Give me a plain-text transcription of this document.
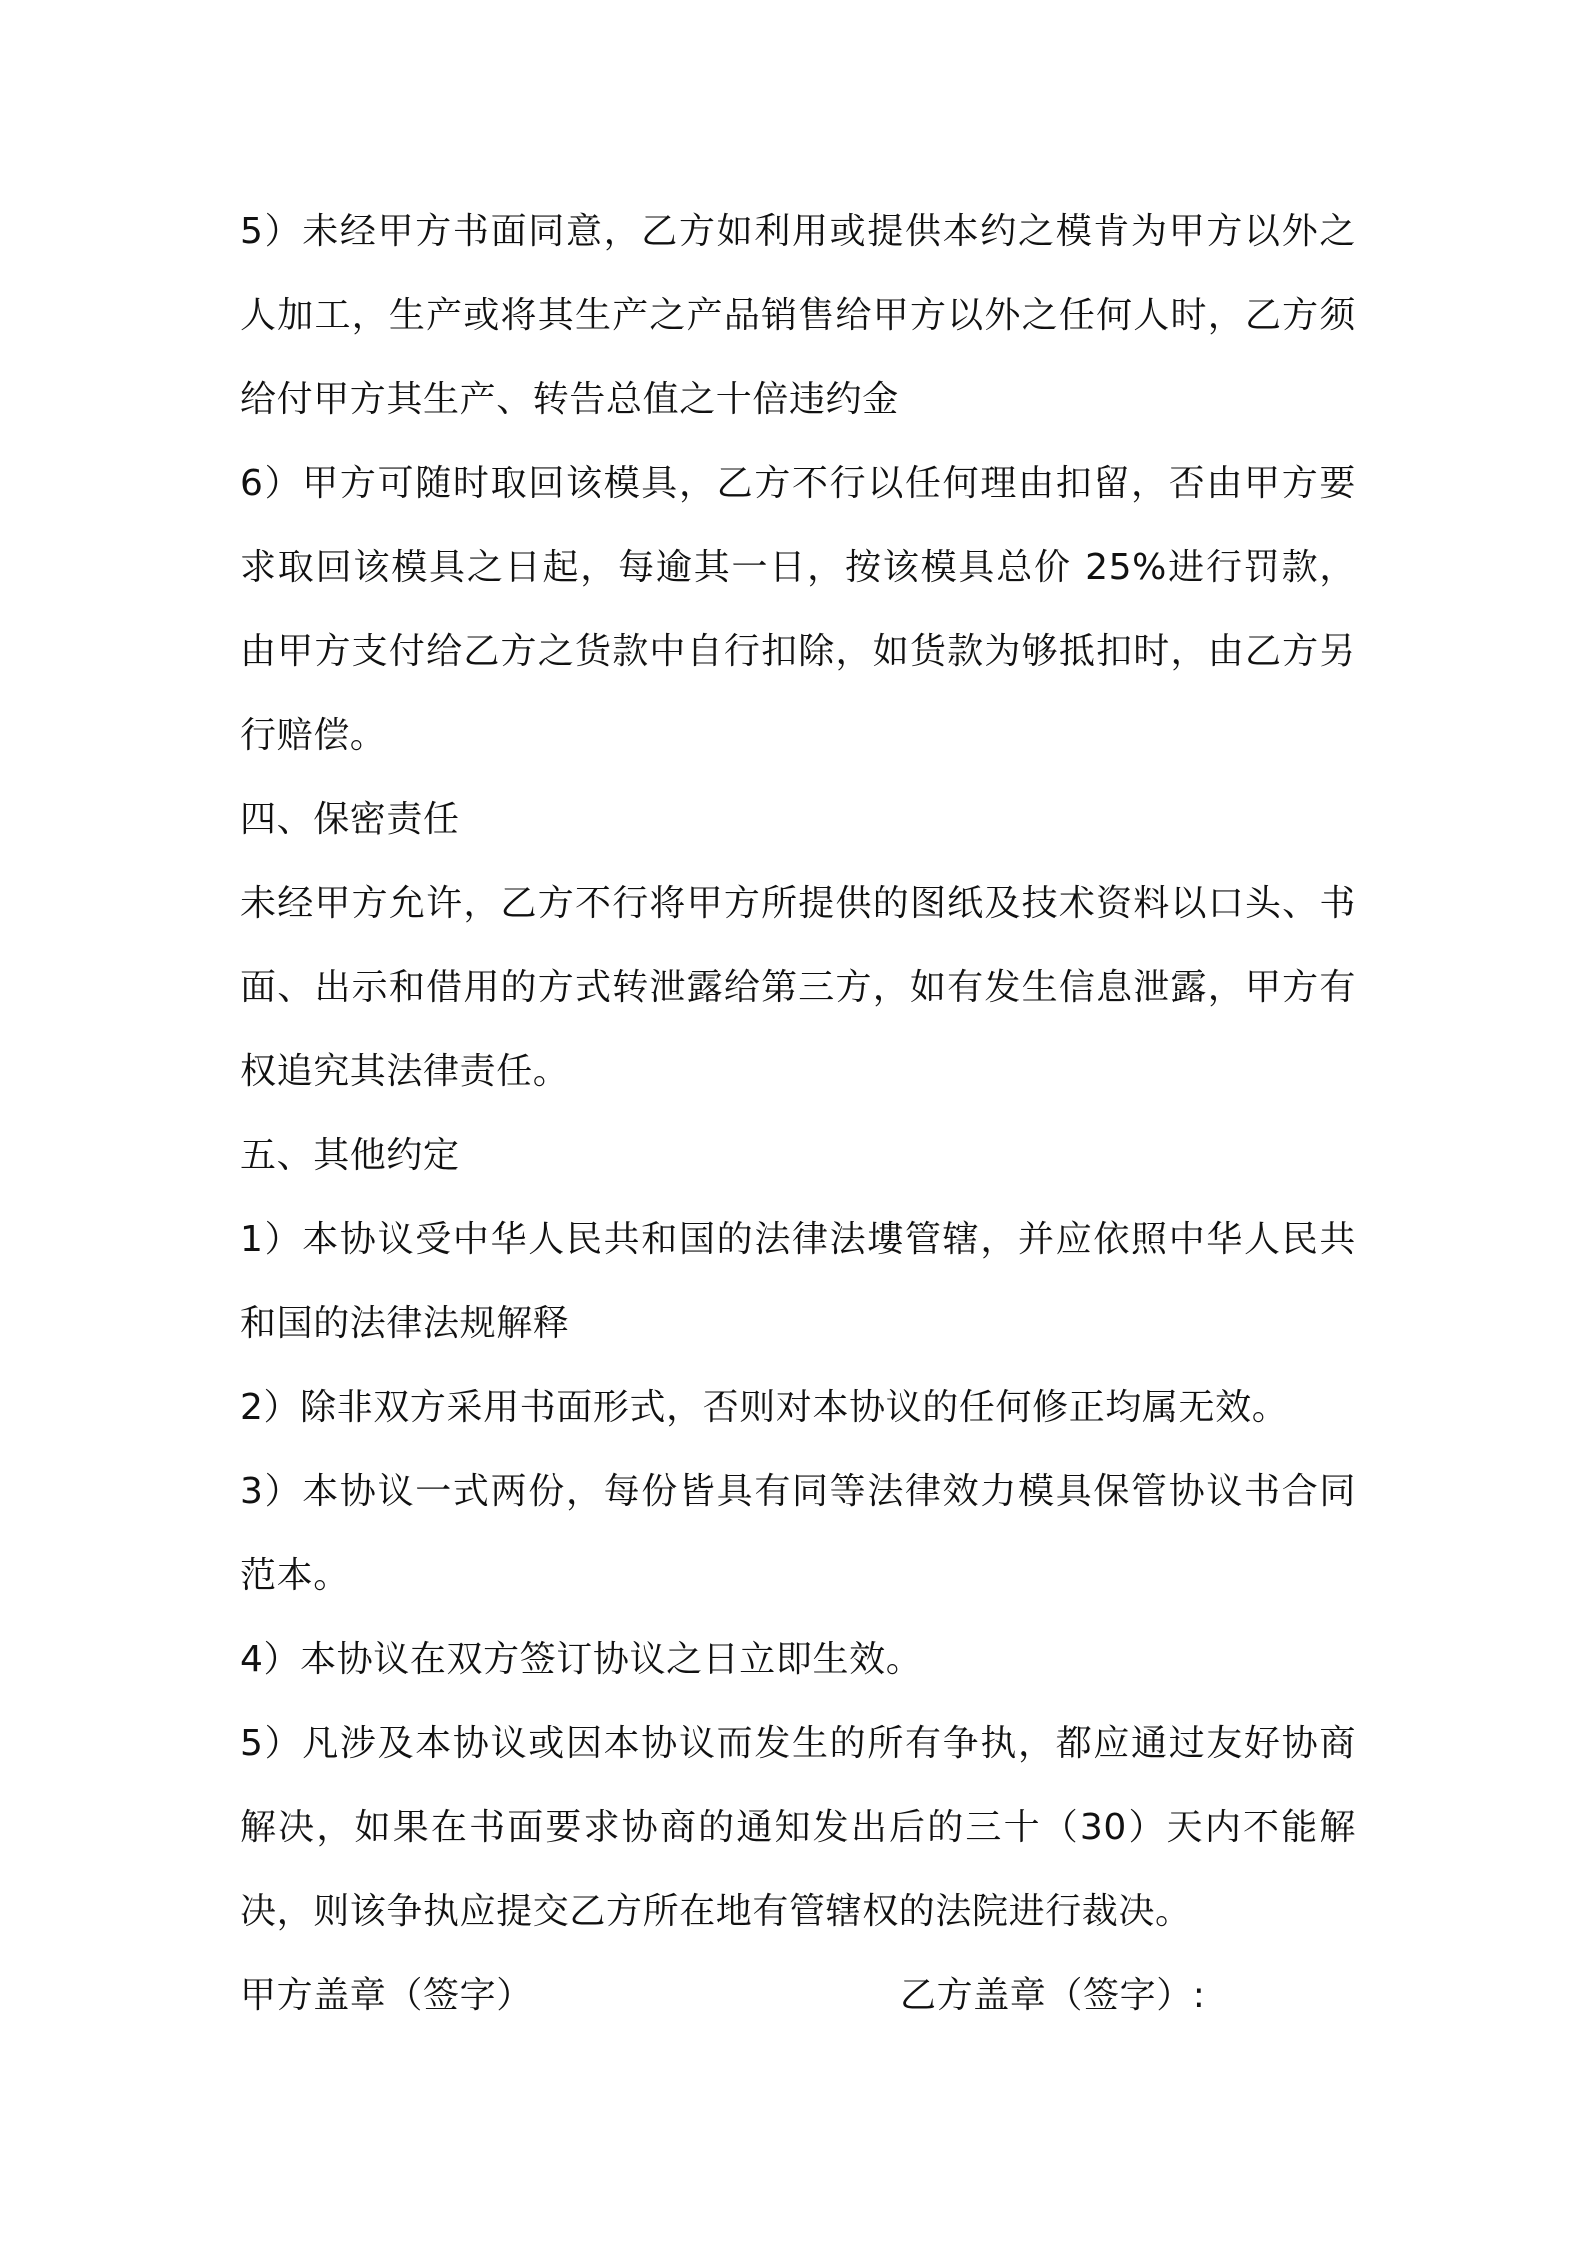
5）未经甲方书面同意，乙方如利用或提供本约之模肯为甲方以外之人加工，生产或将其生产之产品销售给甲方以外之任何人时，乙方须给付甲方其生产、转告总值之十倍违约金

6）甲方可随时取回该模具，乙方不行以任何理由扣留，否由甲方要求取回该模具之日起，每逾其一日，按该模具总价 25%进行罚款，由甲方支付给乙方之货款中自行扣除，如货款为够抵扣时，由乙方另行赔偿。

四、保密责任

未经甲方允许，乙方不行将甲方所提供的图纸及技术资料以口头、书面、出示和借用的方式转泄露给第三方，如有发生信息泄露，甲方有权追究其法律责任。

五、其他约定

1）本协议受中华人民共和国的法律法塿管辖，并应依照中华人民共和国的法律法规解释

2）除非双方采用书面形式，否则对本协议的任何修正均属无效。

3）本协议一式两份，每份皆具有同等法律效力模具保管协议书合同范本。

4）本协议在双方签订协议之日立即生效。

5）凡涉及本协议或因本协议而发生的所有争执，都应通过友好协商解决，如果在书面要求协商的通知发出后的三十（30）天内不能解决，则该争执应提交乙方所在地有管辖权的法院进行裁决。

甲方盖章（签字）	乙方盖章（签字）:
